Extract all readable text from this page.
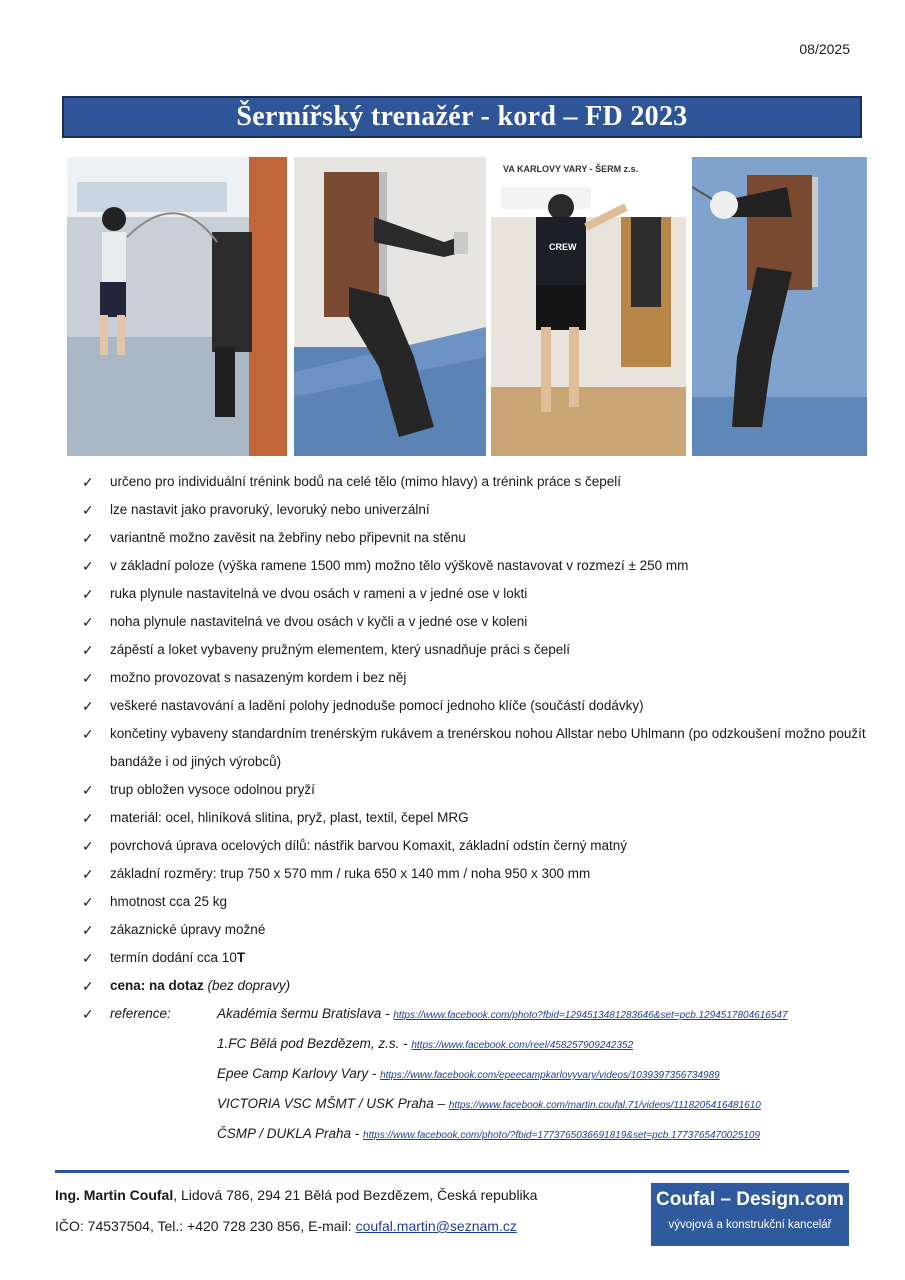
08/2025
Šermířský trenažér - kord – FD 2023
VA KARLOVY VARY - ŠERM z.s.
CREW
✓ určeno pro individuální trénink bodů na celé tělo (mimo hlavy) a trénink práce s čepelí
✓ lze nastavit jako pravoruký, levoruký nebo univerzální
✓ variantně možno zavěsit na žebřiny nebo připevnit na stěnu
✓ v základní poloze (výška ramene 1500 mm) možno tělo výškově nastavovat v rozmezí ± 250 mm
✓ ruka plynule nastavitelná ve dvou osách v rameni a v jedné ose v lokti
✓ noha plynule nastavitelná ve dvou osách v kyčli a v jedné ose v koleni
✓ zápěstí a loket vybaveny pružným elementem, který usnadňuje práci s čepelí
✓ možno provozovat s nasazeným kordem i bez něj
✓ veškeré nastavování a ladění polohy jednoduše pomocí jednoho klíče (součástí dodávky)
✓ končetiny vybaveny standardním trenérským rukávem a trenérskou nohou Allstar nebo Uhlmann (po odzkoušení možno použít bandáže i od jiných výrobců)
✓ trup obložen vysoce odolnou pryží
✓ materiál: ocel, hliníková slitina, pryž, plast, textil, čepel MRG
✓ povrchová úprava ocelových dílů: nástřik barvou Komaxit, základní odstín černý matný
✓ základní rozměry: trup 750 x 570 mm / ruka 650 x 140 mm / noha 950 x 300 mm
✓ hmotnost cca 25 kg
✓ zákaznické úpravy možné
✓ termín dodání cca 10T
✓ cena: na dotaz (bez dopravy)
✓ reference:	Akadémia šermu Bratislava - https://www.facebook.com/photo?fbid=1294513481283646&set=pcb.1294517804616547
1.FC Bělá pod Bezdězem, z.s. - https://www.facebook.com/reel/458257909242352
Epee Camp Karlovy Vary - https://www.facebook.com/epeecampkarlovyvary/videos/1039397356734989
VICTORIA VSC MŠMT / USK Praha – https://www.facebook.com/martin.coufal.71/videos/1118205416481610
ČSMP / DUKLA Praha - https://www.facebook.com/photo/?fbid=1773765036691819&set=pcb.1773765470025109
Ing. Martin Coufal, Lidová 786, 294 21 Bělá pod Bezdězem, Česká republika
IČO: 74537504, Tel.: +420 728 230 856, E-mail: coufal.martin@seznam.cz
Coufal – Design.com
vývojová a konstrukční kancelář
